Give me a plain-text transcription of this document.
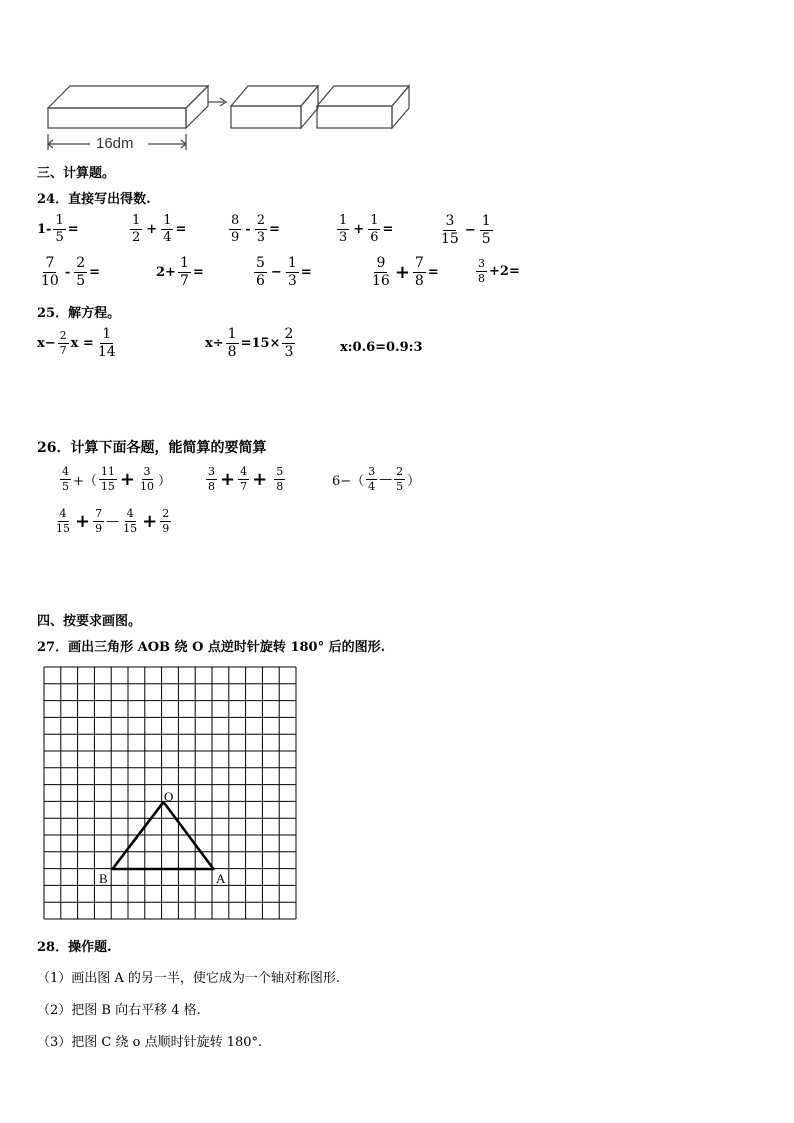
16dm
三、计算题。
24．直接写出得数.
$1- \frac{1}{5}$ =	$\frac{1}{2} + \frac{1}{4}$ =	$\frac{8}{9} - \frac{2}{3}$ =	$\frac{1}{3} + \frac{1}{6}$ =	$\frac{3}{15} - \frac{1}{5}$
$\frac{7}{10} - \frac{2}{5}$ =	$2+ \frac{1}{7}$ =	$\frac{5}{6} - \frac{1}{3}$ =	$\frac{9}{16} + \frac{7}{8}$ =	$\frac{3}{8} +2=$
25．解方程。
$x- \frac{2}{7}$ $x = \frac{1}{14}$	$x\div \frac{1}{8} =15\times \frac{2}{3}$	x:0.6=0.9:3
26．计算下面各题，能简算的要简算
$\frac{4}{5}$ +（ $\frac{11}{15} + \frac{3}{10}$ ）	$\frac{3}{8} + \frac{4}{7} + \frac{5}{8}$	$6-( \frac{3}{4}$ — $\frac{2}{5}$ ）
$\frac{4}{15} + \frac{7}{9}$ — $\frac{4}{15} + \frac{2}{9}$
四、按要求画图。
27．画出三角形 AOB 绕 O 点逆时针旋转 180° 后的图形.
O
B	A
28．操作题.
（1）画出图 A 的另一半，使它成为一个轴对称图形.
（2）把图 B 向右平移 4 格.
（3）把图 C 绕 o 点顺时针旋转 180°.
